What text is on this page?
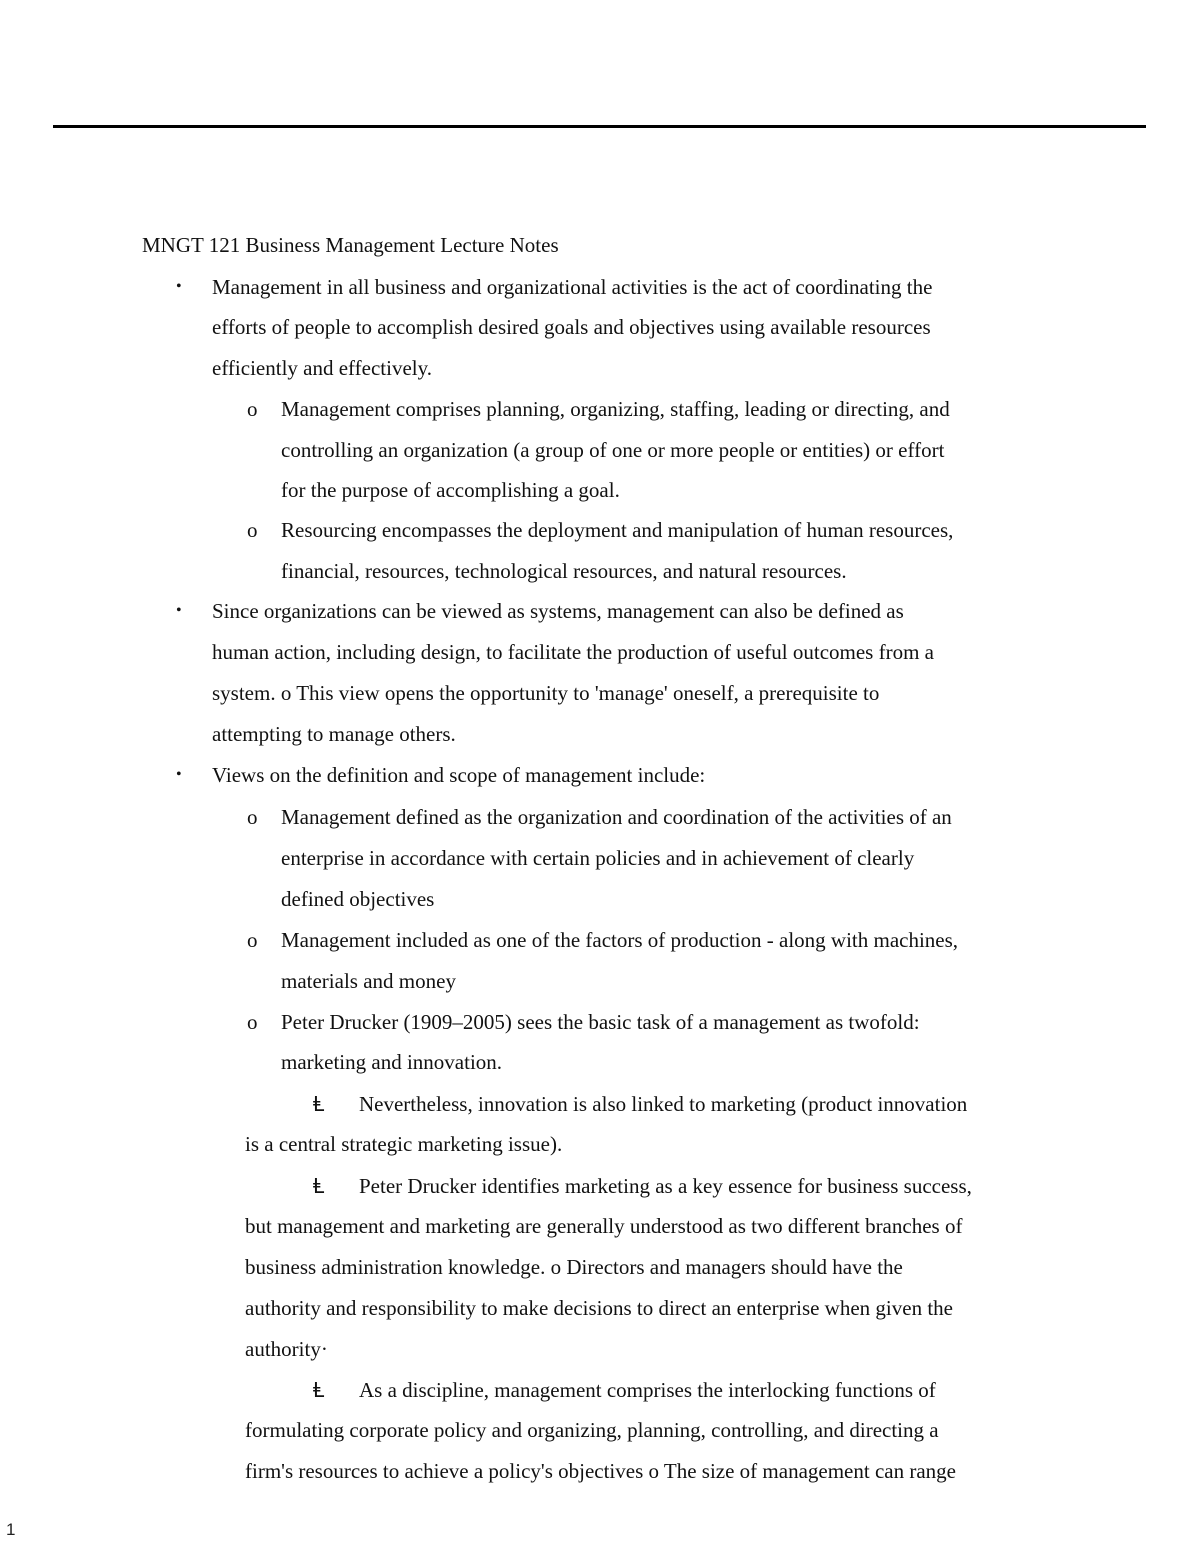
MNGT 121 Business Management Lecture Notes
• Management in all business and organizational activities is the act of coordinating the
efforts of people to accomplish desired goals and objectives using available resources
efficiently and effectively.
o Management comprises planning, organizing, staffing, leading or directing, and
controlling an organization (a group of one or more people or entities) or effort
for the purpose of accomplishing a goal.
o Resourcing encompasses the deployment and manipulation of human resources,
financial, resources, technological resources, and natural resources.
• Since organizations can be viewed as systems, management can also be defined as
human action, including design, to facilitate the production of useful outcomes from a
system. o This view opens the opportunity to 'manage' oneself, a prerequisite to
attempting to manage others.
• Views on the definition and scope of management include:
o Management defined as the organization and coordination of the activities of an
enterprise in accordance with certain policies and in achievement of clearly
defined objectives
o Management included as one of the factors of production - along with machines,
materials and money
o Peter Drucker (1909–2005) sees the basic task of a management as twofold:
marketing and innovation.
Ⱡ Nevertheless, innovation is also linked to marketing (product innovation
is a central strategic marketing issue).
Ⱡ Peter Drucker identifies marketing as a key essence for business success,
but management and marketing are generally understood as two different branches of
business administration knowledge. o Directors and managers should have the
authority and responsibility to make decisions to direct an enterprise when given the
authority·
Ⱡ As a discipline, management comprises the interlocking functions of
formulating corporate policy and organizing, planning, controlling, and directing a
firm's resources to achieve a policy's objectives o The size of management can range
1
